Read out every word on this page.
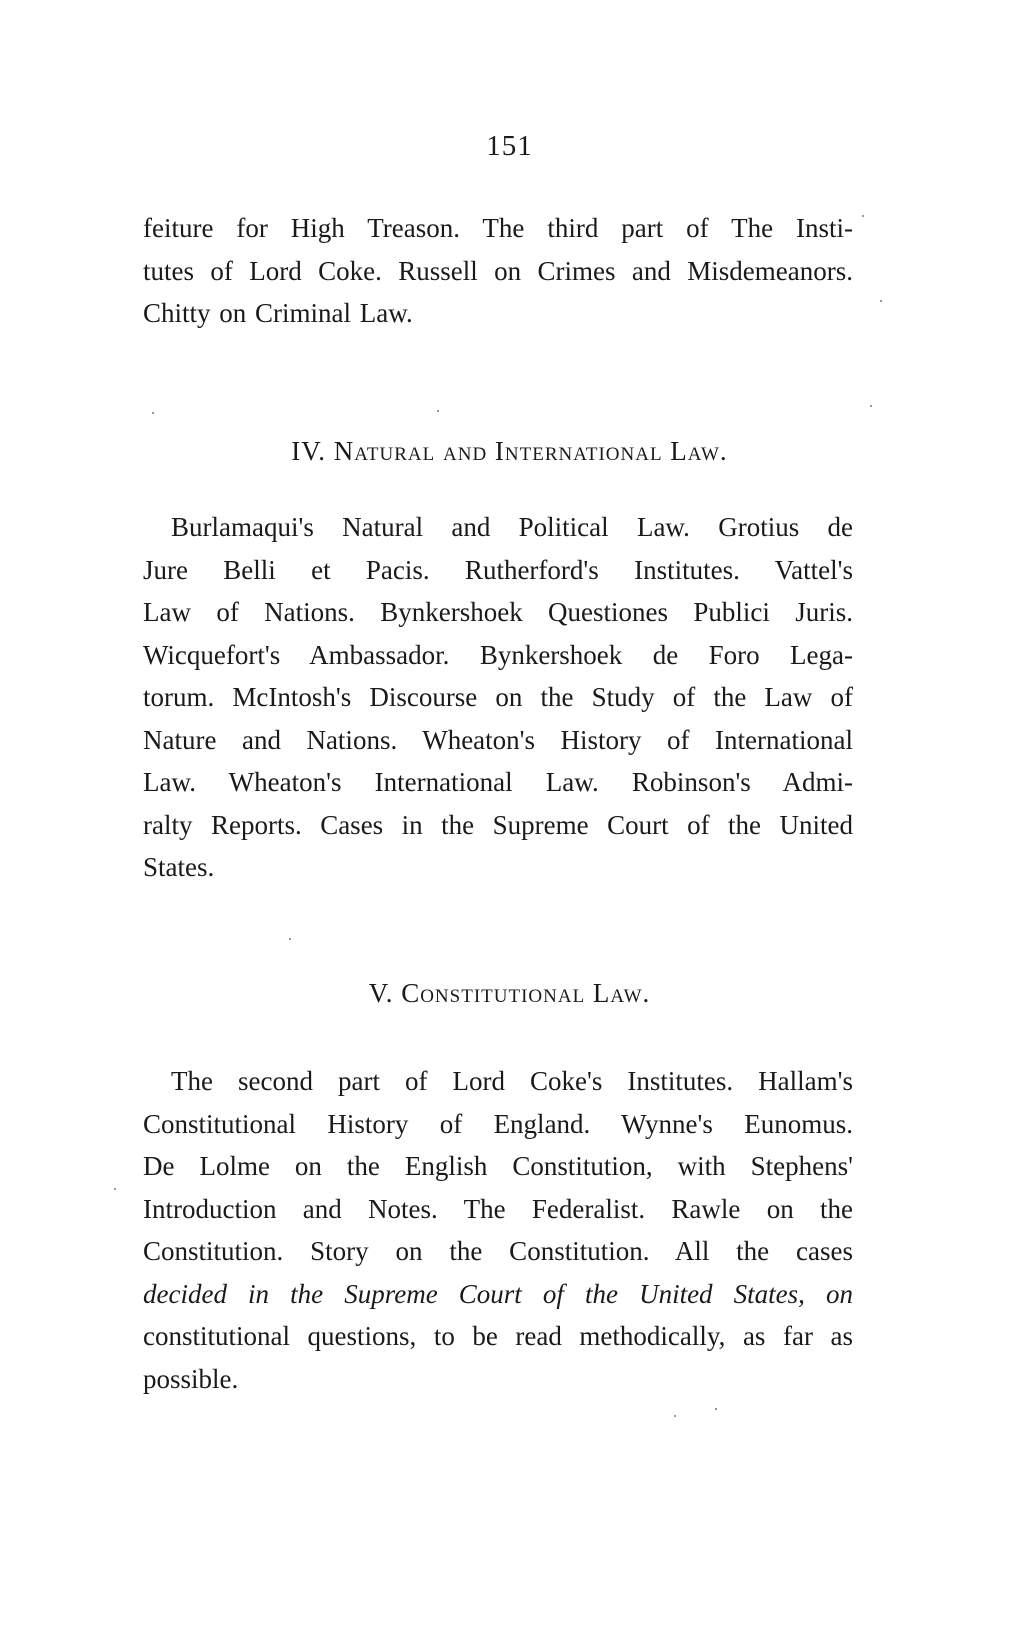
151
feiture for High Treason. The third part of The Insti-
tutes of Lord Coke. Russell on Crimes and Misdemeanors.
Chitty on Criminal Law.
IV. Natural and International Law.
Burlamaqui's Natural and Political Law. Grotius de
Jure Belli et Pacis. Rutherford's Institutes. Vattel's
Law of Nations. Bynkershoek Questiones Publici Juris.
Wicquefort's Ambassador. Bynkershoek de Foro Lega-
torum. McIntosh's Discourse on the Study of the Law of
Nature and Nations. Wheaton's History of International
Law. Wheaton's International Law. Robinson's Admi-
ralty Reports. Cases in the Supreme Court of the United
States.
V. Constitutional Law.
The second part of Lord Coke's Institutes. Hallam's
Constitutional History of England. Wynne's Eunomus.
De Lolme on the English Constitution, with Stephens'
Introduction and Notes. The Federalist. Rawle on the
Constitution. Story on the Constitution. All the cases
decided in the Supreme Court of the United States, on
constitutional questions, to be read methodically, as far as
possible.
